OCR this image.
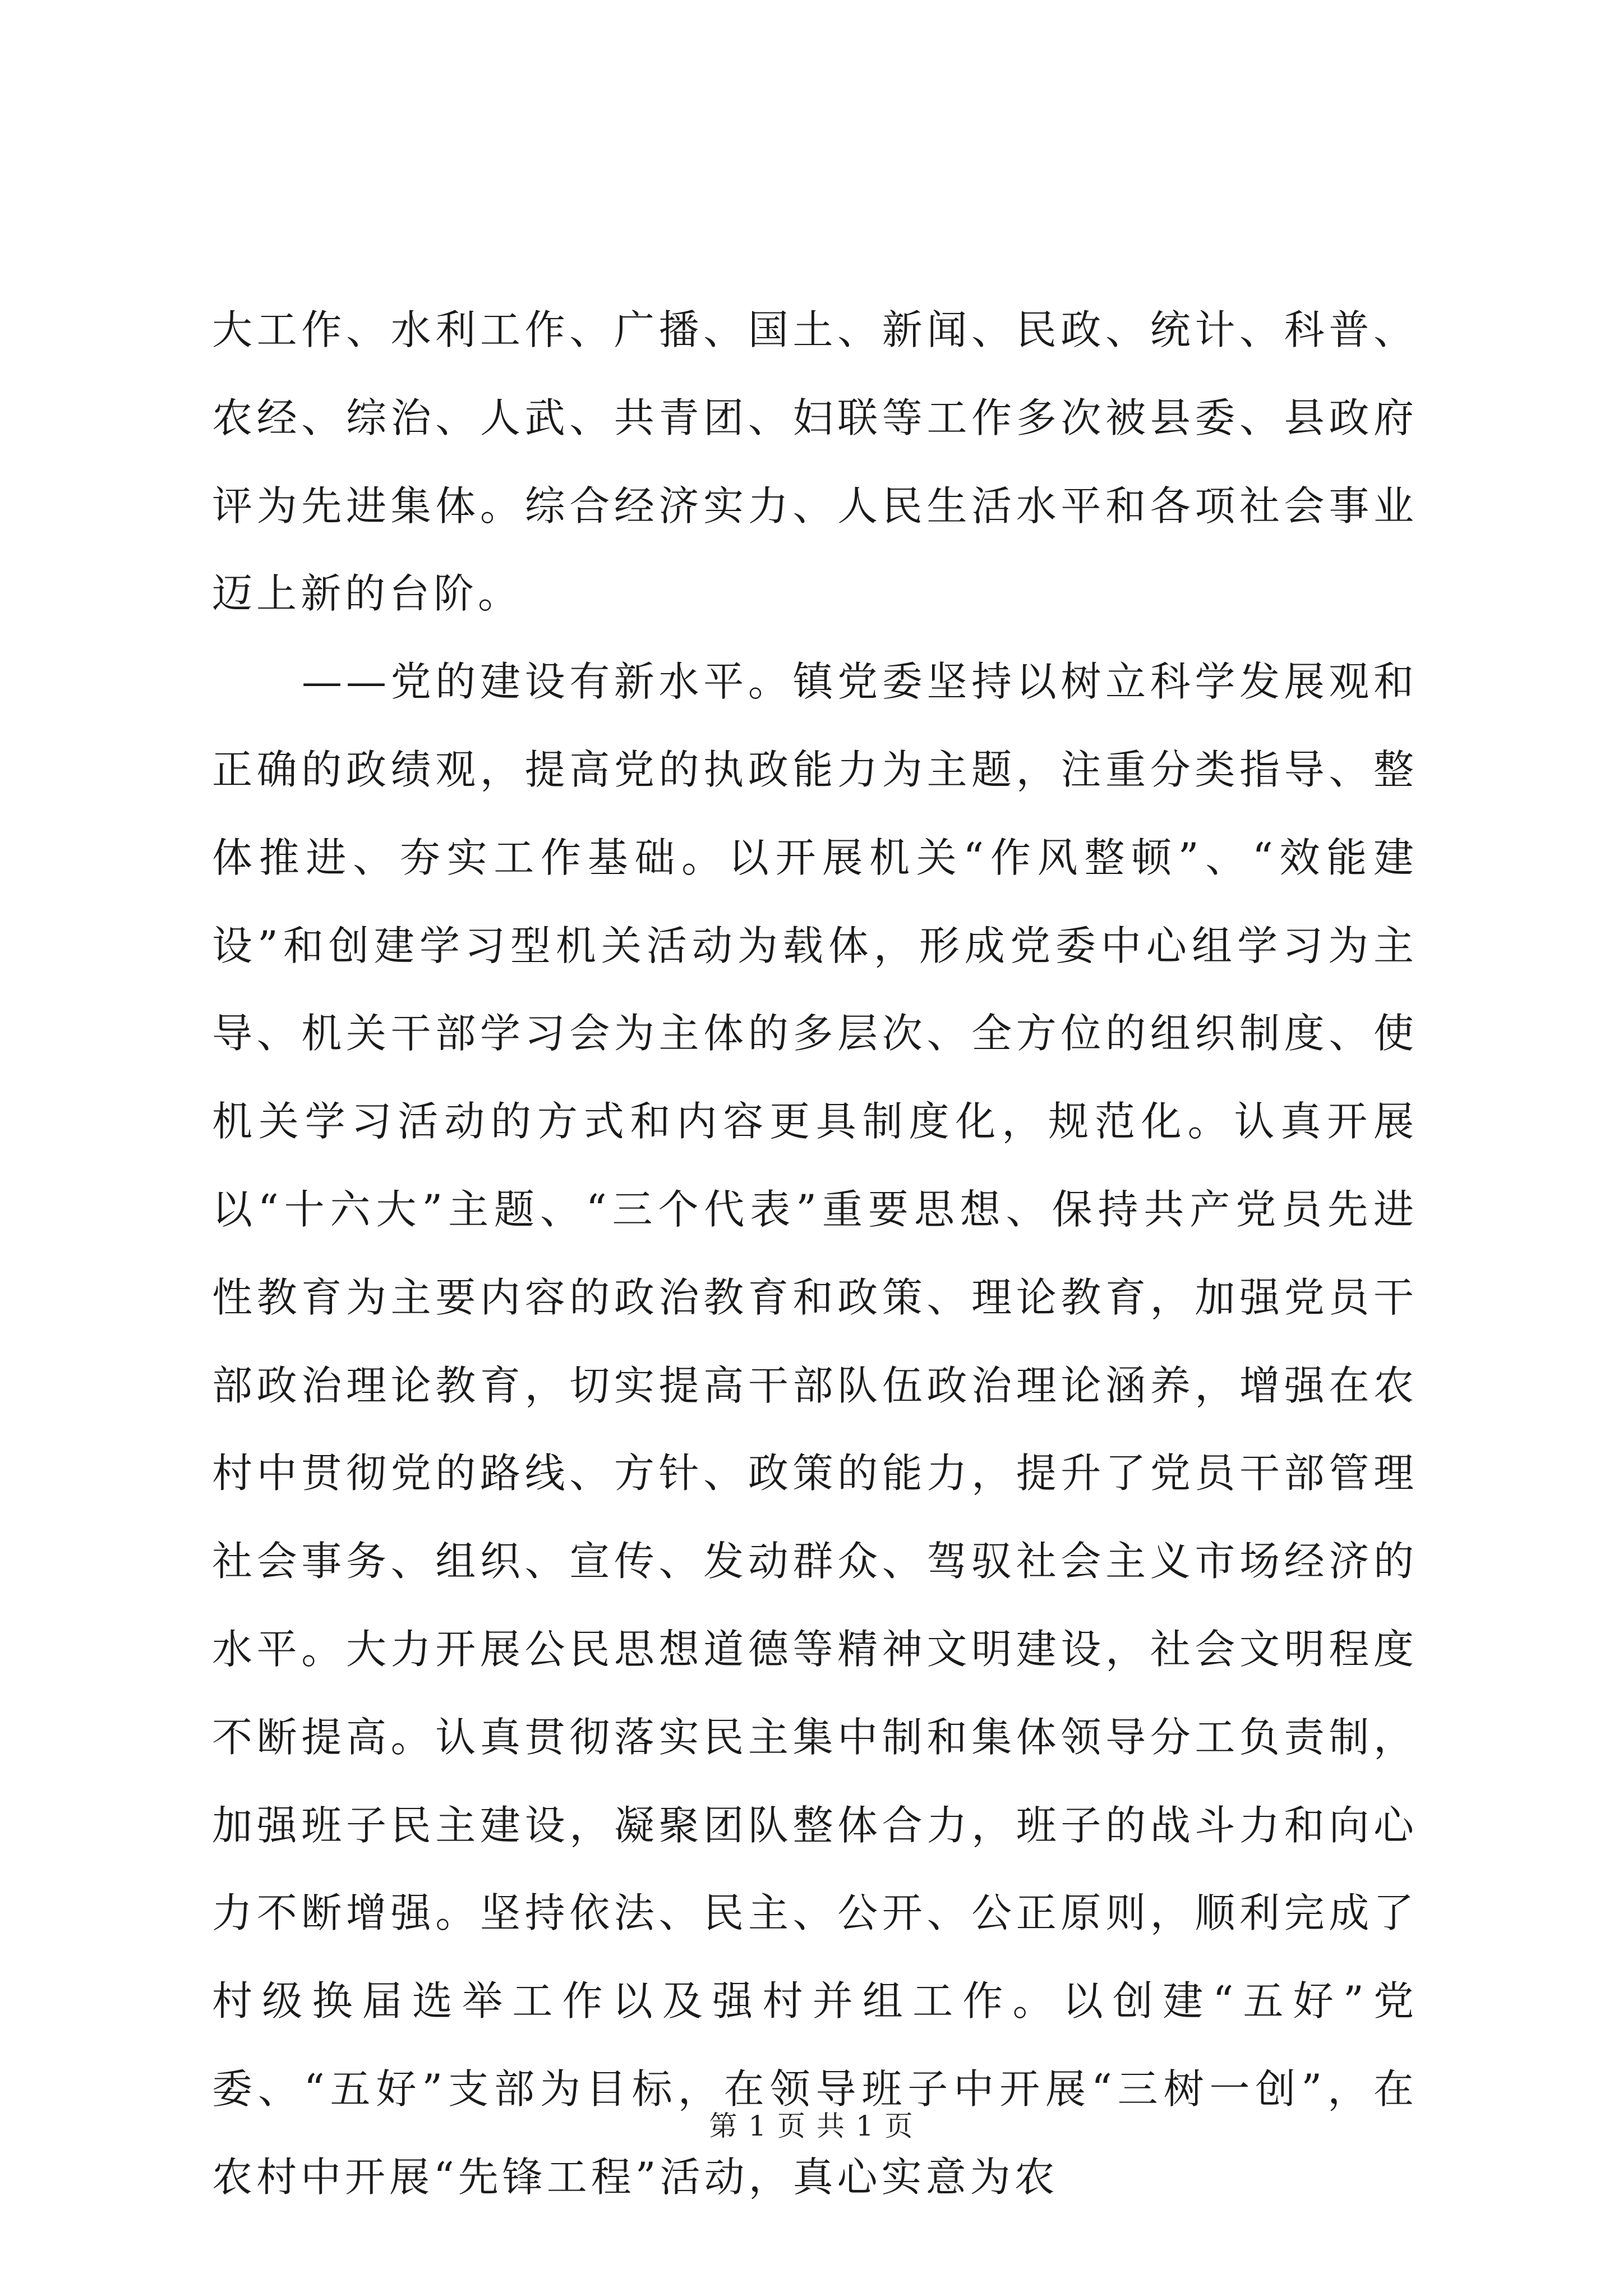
大工作、水利工作、广播、国土、新闻、民政、统计、科普、农经、综治、人武、共青团、妇联等工作多次被县委、县政府评为先进集体。综合经济实力、人民生活水平和各项社会事业迈上新的台阶。

——党的建设有新水平。镇党委坚持以树立科学发展观和正确的政绩观，提高党的执政能力为主题，注重分类指导、整体推进、夯实工作基础。以开展机关“作风整顿”、“效能建设”和创建学习型机关活动为载体，形成党委中心组学习为主导、机关干部学习会为主体的多层次、全方位的组织制度、使机关学习活动的方式和内容更具制度化，规范化。认真开展以“十六大”主题、“三个代表”重要思想、保持共产党员先进性教育为主要内容的政治教育和政策、理论教育，加强党员干部政治理论教育，切实提高干部队伍政治理论涵养，增强在农村中贯彻党的路线、方针、政策的能力，提升了党员干部管理社会事务、组织、宣传、发动群众、驾驭社会主义市场经济的水平。大力开展公民思想道德等精神文明建设，社会文明程度不断提高。认真贯彻落实民主集中制和集体领导分工负责制，加强班子民主建设，凝聚团队整体合力，班子的战斗力和向心力不断增强。坚持依法、民主、公开、公正原则，顺利完成了村级换届选举工作以及强村并组工作。以创建“五好”党委、“五好”支部为目标，在领导班子中开展“三树一创”，在农村中开展“先锋工程”活动，真心实意为农

第 1 页 共 1 页
